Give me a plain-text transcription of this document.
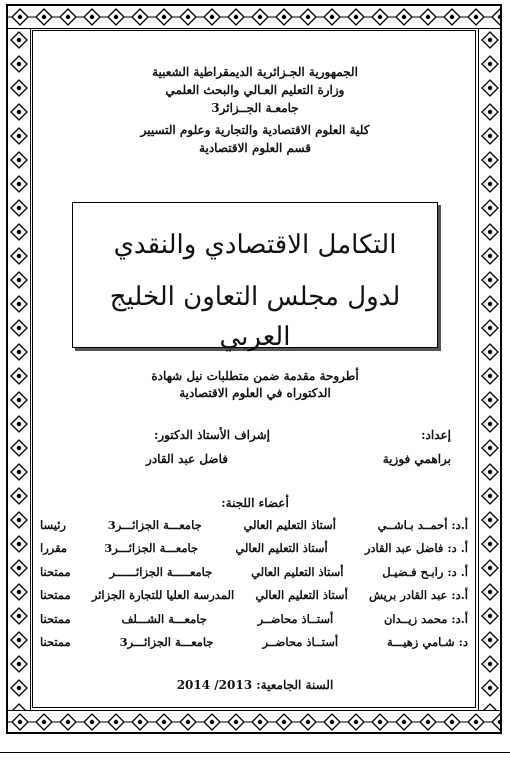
الجمهورية الجـزائرية الديمقراطية الشعبية
وزارة التعليم العـالي والبحث العلمي
جامعـة الجــزائر3
كلية العلوم الاقتصادية والتجارية وعلوم التسيير
قسم العلوم الاقتصادية
التكامل الاقتصادي والنقدي
لدول مجلس التعاون الخليج العربي
أطروحة مقدمة ضمن متطلبات نيل شهادة
الدكتوراه في العلوم الاقتصادية
إعداد:
براهمي فوزية
إشراف الأستاذ الدكتور:
فاضل عبد القادر
أعضاء اللجنة:
أ.د: أحمــد بـاشــي
أستاذ التعليم العالي
جامعـــة الجزائـــر3
رئيسا
أ. د: فاضل عبد القادر
أستاذ التعليم العالي
جامعـــة الجزائـــر3
مقررا
أ. د: رابـح فـضيـل
أستاذ التعليم العالي
جامعـــــة الجزائــــــر
ممتحنا
أ.د: عبد القادر بريش
أستاذ التعليم العالي
المدرسة العليا للتجارة الجزائر
ممتحنا
أ.د: محمد زيــدان
أستــاذ محاضــر
جامعـــة الشـــلف
ممتحنا
د: شـامي زهيـــة
أستــاذ محاضــر
جامعـــة الجزائـــر3
ممتحنا
السنة الجامعية: 2013/ 2014
